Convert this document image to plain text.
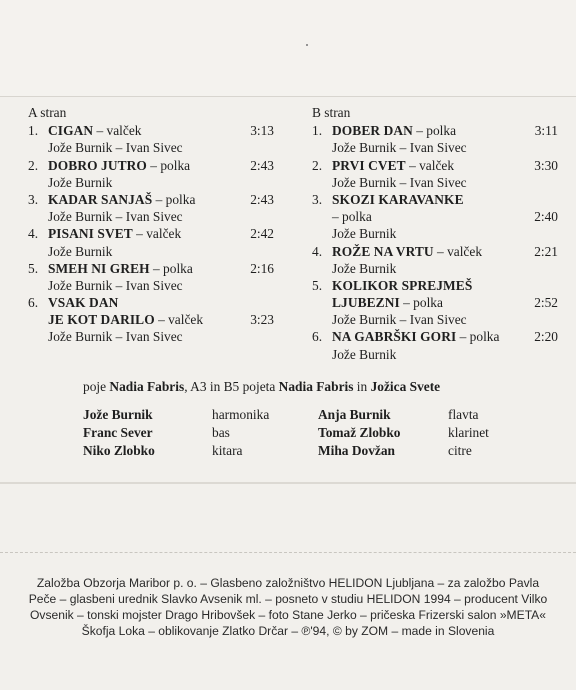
A stran
1. CIGAN – valček	3:13
Jože Burnik – Ivan Sivec
2. DOBRO JUTRO – polka	2:43
Jože Burnik
3. KADAR SANJAŠ – polka	2:43
Jože Burnik – Ivan Sivec
4. PISANI SVET – valček	2:42
Jože Burnik
5. SMEH NI GREH – polka	2:16
Jože Burnik – Ivan Sivec
6. VSAK DAN
JE KOT DARILO – valček	3:23
Jože Burnik – Ivan Sivec
B stran
1. DOBER DAN – polka	3:11
Jože Burnik – Ivan Sivec
2. PRVI CVET – valček	3:30
Jože Burnik – Ivan Sivec
3. SKOZI KARAVANKE
– polka	2:40
Jože Burnik
4. ROŽE NA VRTU – valček	2:21
Jože Burnik
5. KOLIKOR SPREJMEŠ
LJUBEZNI – polka	2:52
Jože Burnik – Ivan Sivec
6. NA GABRŠKI GORI – polka	2:20
Jože Burnik
poje Nadia Fabris, A3 in B5 pojeta Nadia Fabris in Jožica Svete
Jože Burnik	harmonika
Franc Sever	bas
Niko Zlobko	kitara
Anja Burnik	flavta
Tomaž Zlobko	klarinet
Miha Dovžan	citre
Založba Obzorja Maribor p. o. – Glasbeno založništvo HELIDON Ljubljana – za založbo Pavla
Peče – glasbeni urednik Slavko Avsenik ml. – posneto v studiu HELIDON 1994 – producent Vilko
Ovsenik – tonski mojster Drago Hribovšek – foto Stane Jerko – pričeska Frizerski salon »META«
Škofja Loka – oblikovanje Zlatko Drčar – ℗'94, © by ZOM – made in Slovenia
